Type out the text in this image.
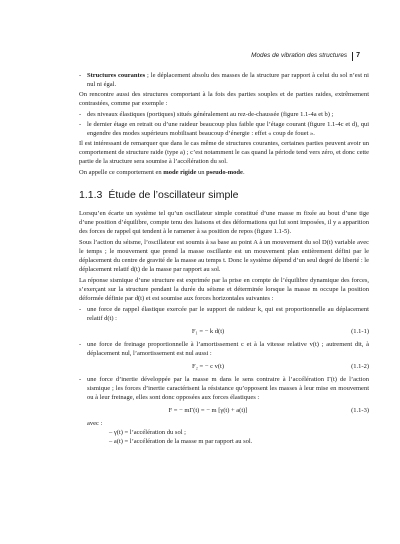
Modes de vibration des structures 7
- Structures courantes ; le déplacement absolu des masses de la structure par rapport à celui du sol n’est ni nul ni égal.
On rencontre aussi des structures comportant à la fois des parties souples et de parties raides, extrêmement contrastées, comme par exemple :
- des niveaux élastiques (portiques) situés généralement au rez-de-chaussée (figure 1.1-4a et b) ;
- le dernier étage en retrait ou d’une raideur beaucoup plus faible que l’étage courant (figure 1.1-4c et d), qui engendre des modes supérieurs mobilisant beaucoup d’énergie : effet « coup de fouet ».
Il est intéressant de remarquer que dans le cas même de structures courantes, certaines parties peuvent avoir un comportement de structure raide (type a) ; c’est notamment le cas quand la période tend vers zéro, et donc cette partie de la structure sera soumise à l’accélération du sol.
On appelle ce comportement en mode rigide un pseudo-mode.
1.1.3 Étude de l’oscillateur simple
Lorsqu’en écarte un système tel qu’un oscillateur simple constitué d’une masse m fixée au bout d’une tige d’une position d’équilibre, compte tenu des liaisons et des déformations qui lui sont imposées, il y a apparition des forces de rappel qui tendent à le ramener à sa position de repos (figure 1.1-5).
Sous l’action du séisme, l’oscillateur est soumis à sa base au point A à un mouvement du sol D(t) variable avec le temps ; le mouvement que prend la masse oscillante est un mouvement plan entièrement défini par le déplacement du centre de gravité de la masse au temps t. Donc le système dépend d’un seul degré de liberté : le déplacement relatif d(t) de la masse par rapport au sol.
La réponse sismique d’une structure est exprimée par la prise en compte de l’équilibre dynamique des forces, s’exerçant sur la structure pendant la durée du séisme et déterminée lorsque la masse m occupe la position déformée définie par d(t) et est soumise aux forces horizontales suivantes :
- une force de rappel élastique exercée par le support de raideur k, qui est proportionnelle au déplacement relatif d(t) :
F₁ = − k d(t)	(1.1-1)
- une force de freinage proportionnelle à l’amortissement c et à la vitesse relative v(t) ; autrement dit, à déplacement nul, l’amortissement est nul aussi :
F₂ = − c v(t)	(1.1-2)
- une force d’inertie développée par la masse m dans le sens contraire à l’accélération Γ(t) de l’action sismique ; les forces d’inertie caractérisent la résistance qu’opposent les masses à leur mise en mouvement ou à leur freinage, elles sont donc opposées aux forces élastiques :
F = − mΓ(t) = − m [γ(t) + a(t)]	(1.1-3)
avec :
– γ(t) = l’accélération du sol ;
– a(t) = l’accélération de la masse m par rapport au sol.
